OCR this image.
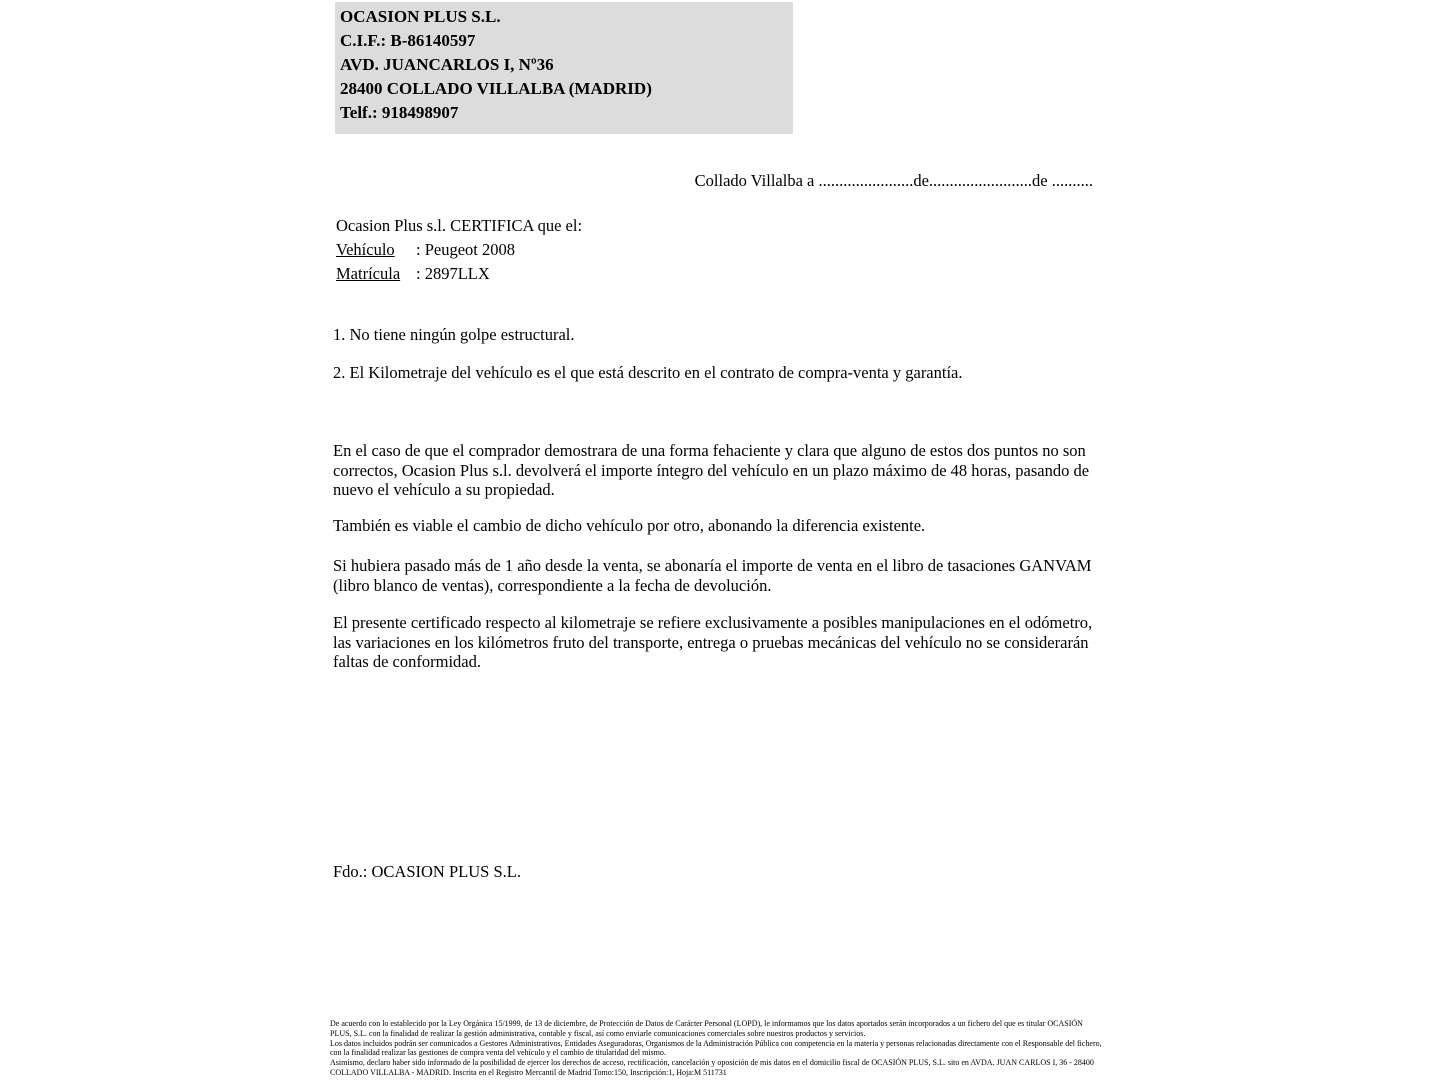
OCASION PLUS S.L.
C.I.F.: B-86140597
AVD. JUANCARLOS I, Nº36
28400 COLLADO VILLALBA (MADRID)
Telf.: 918498907
Collado Villalba a .......................de.........................de ..........
Ocasion Plus s.l. CERTIFICA que el:
Vehículo : Peugeot 2008
Matrícula : 2897LLX
1. No tiene ningún golpe estructural.
2. El Kilometraje del vehículo es el que está descrito en el contrato de compra-venta y garantía.
En el caso de que el comprador demostrara de una forma fehaciente y clara que alguno de estos dos puntos no son correctos, Ocasion Plus s.l. devolverá el importe íntegro del vehículo en un plazo máximo de 48 horas, pasando de nuevo el vehículo a su propiedad.
También es viable el cambio de dicho vehículo por otro, abonando la diferencia existente.
Si hubiera pasado más de 1 año desde la venta, se abonaría el importe de venta en el libro de tasaciones GANVAM (libro blanco de ventas), correspondiente a la fecha de devolución.
El presente certificado respecto al kilometraje se refiere exclusivamente a posibles manipulaciones en el odómetro, las variaciones en los kilómetros fruto del transporte, entrega o pruebas mecánicas del vehículo no se considerarán faltas de conformidad.
Fdo.: OCASION PLUS S.L.

De acuerdo con lo establecido por la Ley Orgánica 15/1999, de 13 de diciembre, de Protección de Datos de Carácter Personal (LOPD), le informamos que los datos aportados serán incorporados a un fichero del que es titular OCASIÓN PLUS, S.L. con la finalidad de realizar la gestión administrativa, contable y fiscal, así como enviarle comunicaciones comerciales sobre nuestros productos y servicios.

Los datos incluidos podrán ser comunicados a Gestores Administrativos, Entidades Aseguradoras, Organismos de la Administración Pública con competencia en la materia y personas relacionadas directamente con el Responsable del fichero, con la finalidad realizar las gestiones de compra venta del vehículo y el cambio de titularidad del mismo.

Asimismo, declaro haber sido informado de la posibilidad de ejercer los derechos de acceso, rectificación, cancelación y oposición de mis datos en el domicilio fiscal de OCASIÓN PLUS, S.L. sito en AVDA. JUAN CARLOS I, 36 - 28400 COLLADO VILLALBA - MADRID. Inscrita en el Registro Mercantil de Madrid Tomo:150, Inscripción:1, Hoja:M 511731
